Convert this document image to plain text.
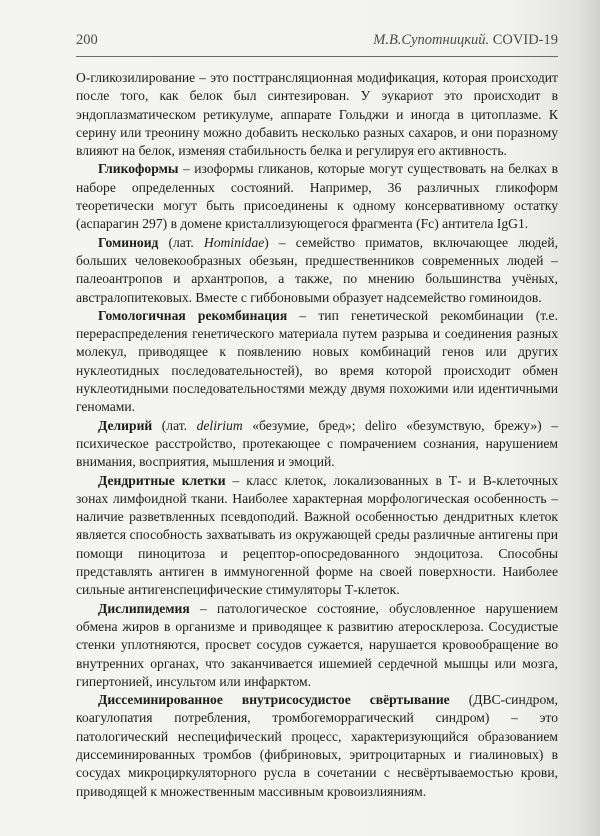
200	М.В.Супотницкий. COVID-19

О-гликозилирование – это посттрансляционная модификация, которая происходит после того, как белок был синтезирован. У эукариот это происходит в эндоплазматическом ретикулуме, аппарате Гольджи и иногда в цитоплазме. К серину или треонину можно добавить несколько разных сахаров, и они поразному влияют на белок, изменяя стабильность белка и регулируя его активность.

Гликоформы – изоформы гликанов, которые могут существовать на белках в наборе определенных состояний. Например, 36 различных гликоформ теоретически могут быть присоединены к одному консервативному остатку (аспарагин 297) в домене кристаллизующегося фрагмента (Fc) антитела IgG1.

Гоминоид (лат. Hominidae) – семейство приматов, включающее людей, больших человекообразных обезьян, предшественников современных людей – палеоантропов и архантропов, а также, по мнению большинства учёных, австралопитековых. Вместе с гиббоновыми образует надсемейство гоминоидов.

Гомологичная рекомбинация – тип генетической рекомбинации (т.е. перераспределения генетического материала путем разрыва и соединения разных молекул, приводящее к появлению новых комбинаций генов или других нуклеотидных последовательностей), во время которой происходит обмен нуклеотидными последовательностями между двумя похожими или идентичными геномами.

Делирий (лат. delirium «безумие, бред»; deliro «безумствую, брежу») – психическое расстройство, протекающее с помрачением сознания, нарушением внимания, восприятия, мышления и эмоций.

Дендритные клетки – класс клеток, локализованных в Т- и В-клеточных зонах лимфоидной ткани. Наиболее характерная морфологическая особенность – наличие разветвленных псевдоподий. Важной особенностью дендритных клеток является способность захватывать из окружающей среды различные антигены при помощи пиноцитоза и рецептор-опосредованного эндоцитоза. Способны представлять антиген в иммуногенной форме на своей поверхности. Наиболее сильные антигенспецифические стимуляторы Т-клеток.

Дислипидемия – патологическое состояние, обусловленное нарушением обмена жиров в организме и приводящее к развитию атеросклероза. Сосудистые стенки уплотняются, просвет сосудов сужается, нарушается кровообращение во внутренних органах, что заканчивается ишемией сердечной мышцы или мозга, гипертонией, инсультом или инфарктом.

Диссеминированное внутрисосудистое свёртывание (ДВС-синдром, коагулопатия потребления, тромбогеморрагический синдром) – это патологический неспецифический процесс, характеризующийся образованием диссеминированных тромбов (фибриновых, эритроцитарных и гиалиновых) в сосудах микроциркуляторного русла в сочетании с несвёртываемостью крови, приводящей к множественным массивным кровоизлияниям.
